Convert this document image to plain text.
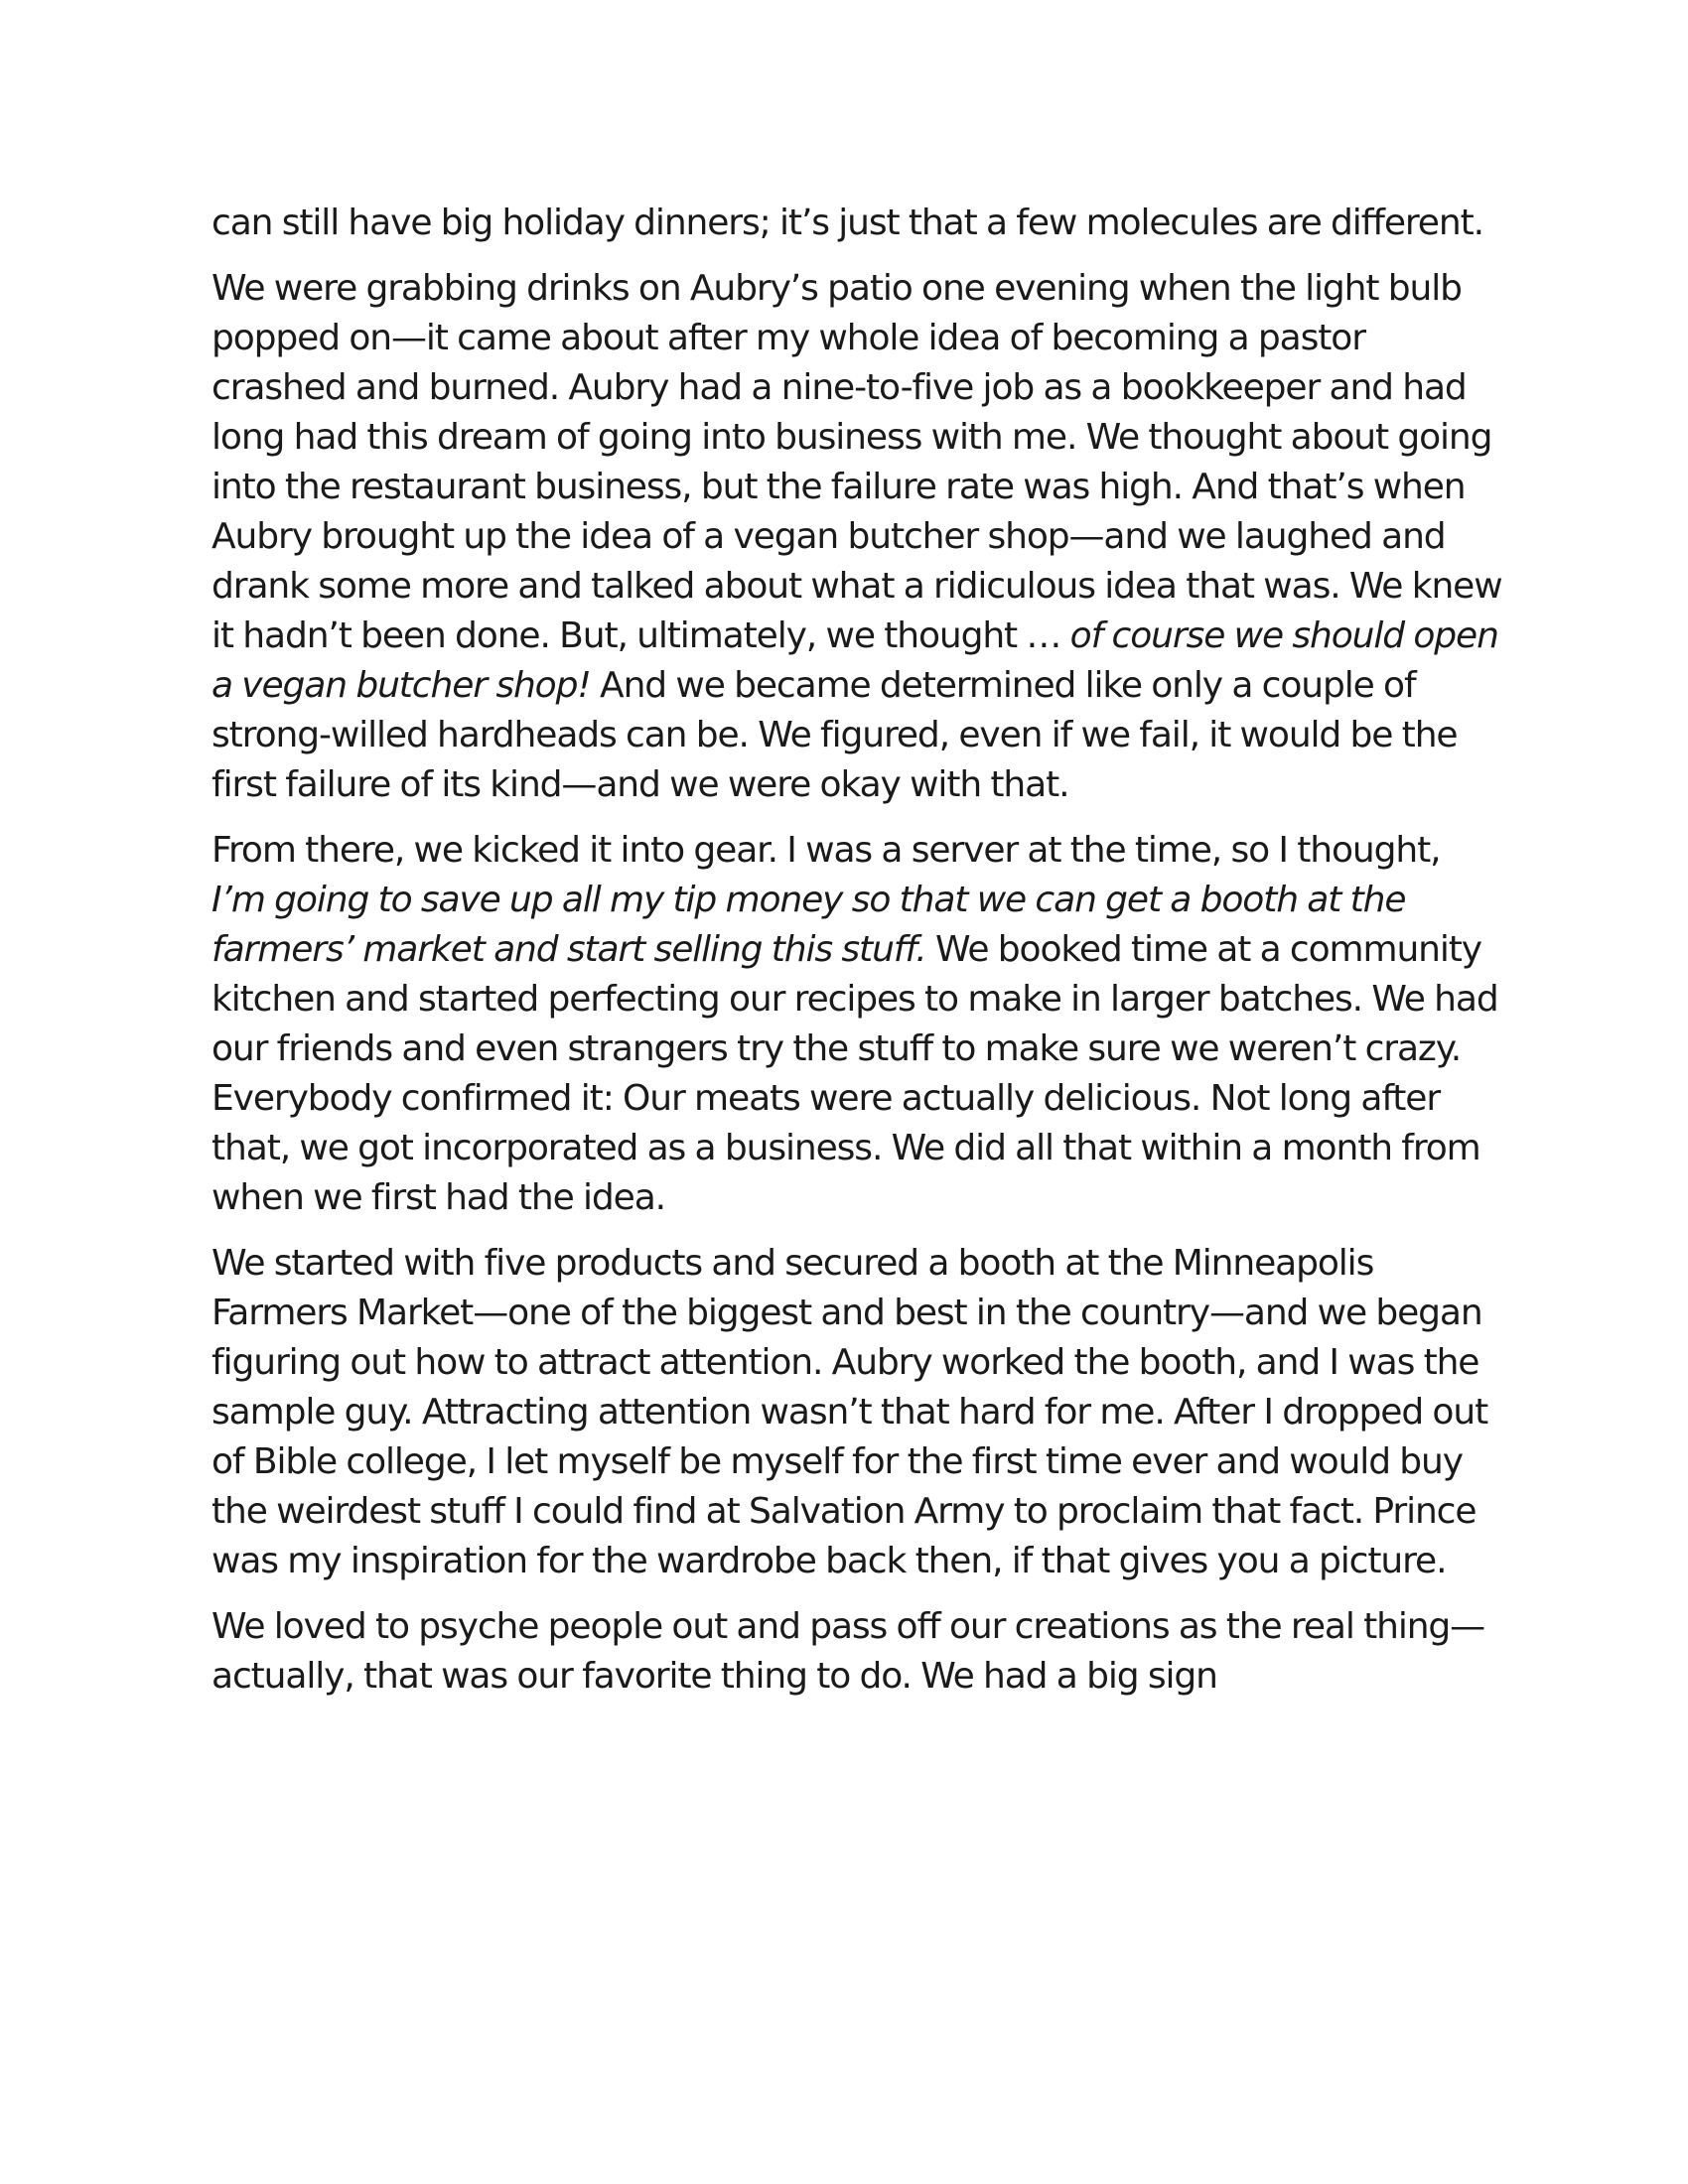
can still have big holiday dinners; it’s just that a few molecules are different.

We were grabbing drinks on Aubry’s patio one evening when the light bulb popped on—it came about after my whole idea of becoming a pastor crashed and burned. Aubry had a nine-to-five job as a bookkeeper and had long had this dream of going into business with me. We thought about going into the restaurant business, but the failure rate was high. And that’s when Aubry brought up the idea of a vegan butcher shop—and we laughed and drank some more and talked about what a ridiculous idea that was. We knew it hadn’t been done. But, ultimately, we thought … of course we should open a vegan butcher shop! And we became determined like only a couple of strong-willed hardheads can be. We figured, even if we fail, it would be the first failure of its kind—and we were okay with that.

From there, we kicked it into gear. I was a server at the time, so I thought, I’m going to save up all my tip money so that we can get a booth at the farmers’ market and start selling this stuff. We booked time at a community kitchen and started perfecting our recipes to make in larger batches. We had our friends and even strangers try the stuff to make sure we weren’t crazy. Everybody confirmed it: Our meats were actually delicious. Not long after that, we got incorporated as a business. We did all that within a month from when we first had the idea.

We started with five products and secured a booth at the Minneapolis Farmers Market—one of the biggest and best in the country—and we began figuring out how to attract attention. Aubry worked the booth, and I was the sample guy. Attracting attention wasn’t that hard for me. After I dropped out of Bible college, I let myself be myself for the first time ever and would buy the weirdest stuff I could find at Salvation Army to proclaim that fact. Prince was my inspiration for the wardrobe back then, if that gives you a picture.

We loved to psyche people out and pass off our creations as the real thing—actually, that was our favorite thing to do. We had a big sign
